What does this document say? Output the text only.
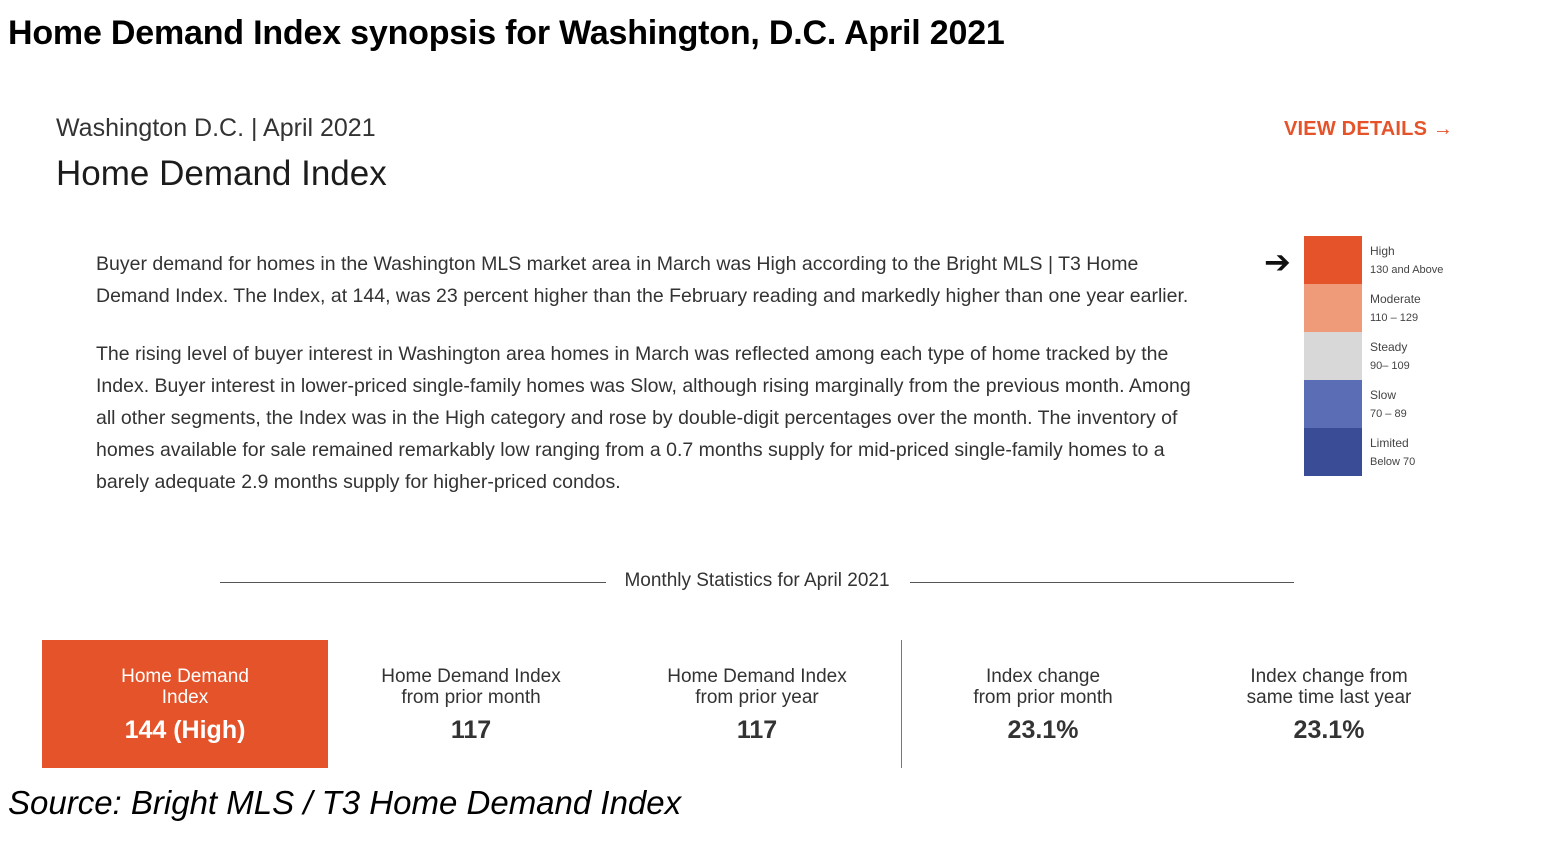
Home Demand Index synopsis for Washington, D.C. April 2021
Washington D.C. | April 2021
Home Demand Index
VIEW DETAILS →

Buyer demand for homes in the Washington MLS market area in March was High according to the Bright MLS | T3 Home Demand Index. The Index, at 144, was 23 percent higher than the February reading and markedly higher than one year earlier.

The rising level of buyer interest in Washington area homes in March was reflected among each type of home tracked by the Index. Buyer interest in lower-priced single-family homes was Slow, although rising marginally from the previous month. Among all other segments, the Index was in the High category and rose by double-digit percentages over the month. The inventory of homes available for sale remained remarkably low ranging from a 0.7 months supply for mid-priced single-family homes to a barely adequate 2.9 months supply for higher-priced condos.

➔	High
130 and Above
Moderate
110 – 129
Steady
90– 109
Slow
70 – 89
Limited
Below 70
Monthly Statistics for April 2021
Home Demand
Index
144 (High)
Home Demand Index
from prior month
117
Home Demand Index
from prior year
117
Index change
from prior month
23.1%
Index change from
same time last year
23.1%
Source: Bright MLS / T3 Home Demand Index
